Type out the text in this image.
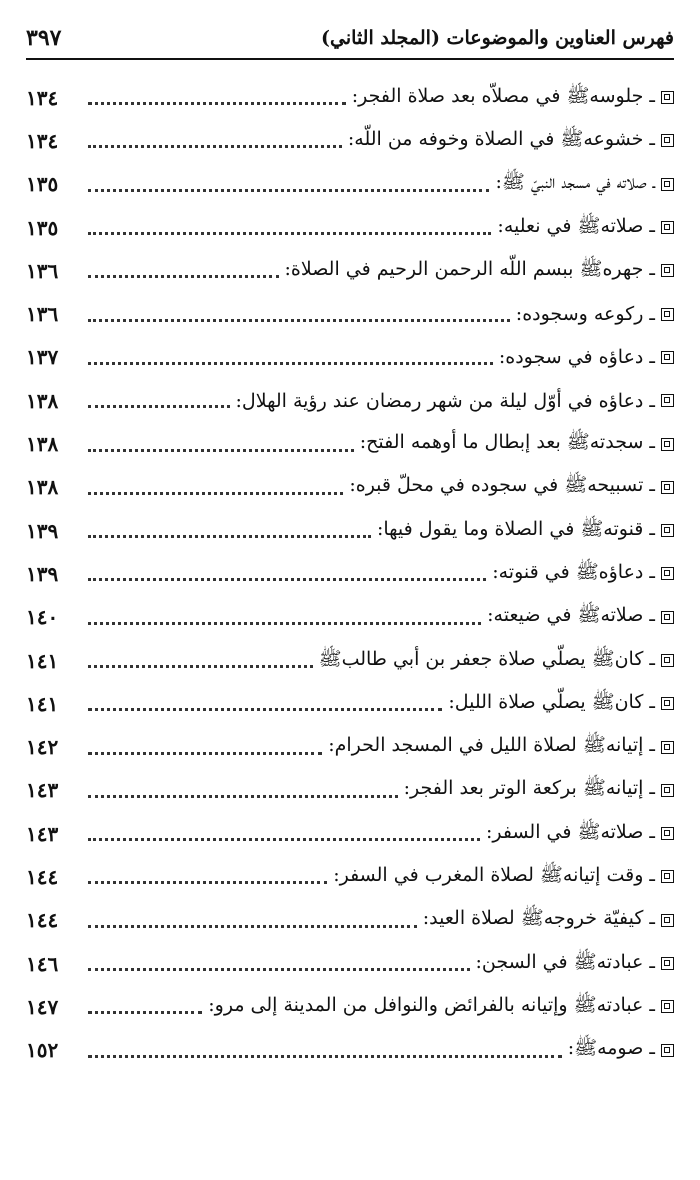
فهرس العناوين والموضوعات (المجلد الثاني)
٣٩٧
ـ جلوسهﷺ في مصلاّه بعد صلاة الفجر:
١٣٤
ـ خشوعهﷺ في الصلاة وخوفه من اللّه:
١٣٤
ـ صلاته في مسجد النبيّ ﷺ:
١٣٥
ـ صلاتهﷺ في نعليه:
١٣٥
ـ جهرهﷺ ببسم اللّه الرحمن الرحيم في الصلاة:
١٣٦
ـ ركوعه وسجوده:
١٣٦
ـ دعاؤه في سجوده:
١٣٧
ـ دعاؤه في أوّل ليلة من شهر رمضان عند رؤية الهلال:
١٣٨
ـ سجدتهﷺ بعد إبطال ما أوهمه الفتح:
١٣٨
ـ تسبيحهﷺ في سجوده في محلّ قبره:
١٣٨
ـ قنوتهﷺ في الصلاة وما يقول فيها:
١٣٩
ـ دعاؤهﷺ في قنوته:
١٣٩
ـ صلاتهﷺ في ضيعته:
١٤٠
ـ كانﷺ يصلّي صلاة جعفر بن أبي طالبﷺ
١٤١
ـ كانﷺ يصلّي صلاة الليل:
١٤١
ـ إتيانهﷺ لصلاة الليل في المسجد الحرام:
١٤٢
ـ إتيانهﷺ بركعة الوتر بعد الفجر:
١٤٣
ـ صلاتهﷺ في السفر:
١٤٣
ـ وقت إتيانهﷺ لصلاة المغرب في السفر:
١٤٤
ـ كيفيّة خروجهﷺ لصلاة العيد:
١٤٤
ـ عبادتهﷺ في السجن:
١٤٦
ـ عبادتهﷺ وإتيانه بالفرائض والنوافل من المدينة إلى مرو:
١٤٧
ـ صومهﷺ:
١٥٢
